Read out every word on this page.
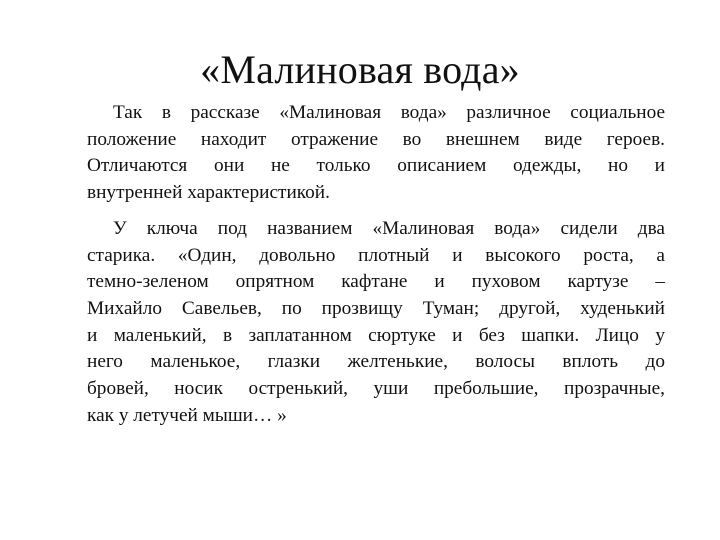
«Малиновая вода»
Так в рассказе «Малиновая вода» различное социальное
положение находит отражение во внешнем виде героев.
Отличаются они не только описанием одежды, но и
внутренней характеристикой.
У ключа под названием «Малиновая вода» сидели два
старика. «Один, довольно плотный и высокого роста, а
темно-зеленом опрятном кафтане и пуховом картузе –
Михайло Савельев, по прозвищу Туман; другой, худенький
и маленький, в заплатанном сюртуке и без шапки. Лицо у
него маленькое, глазки желтенькие, волосы вплоть до
бровей, носик остренький, уши пребольшие, прозрачные,
как у летучей мыши… »
